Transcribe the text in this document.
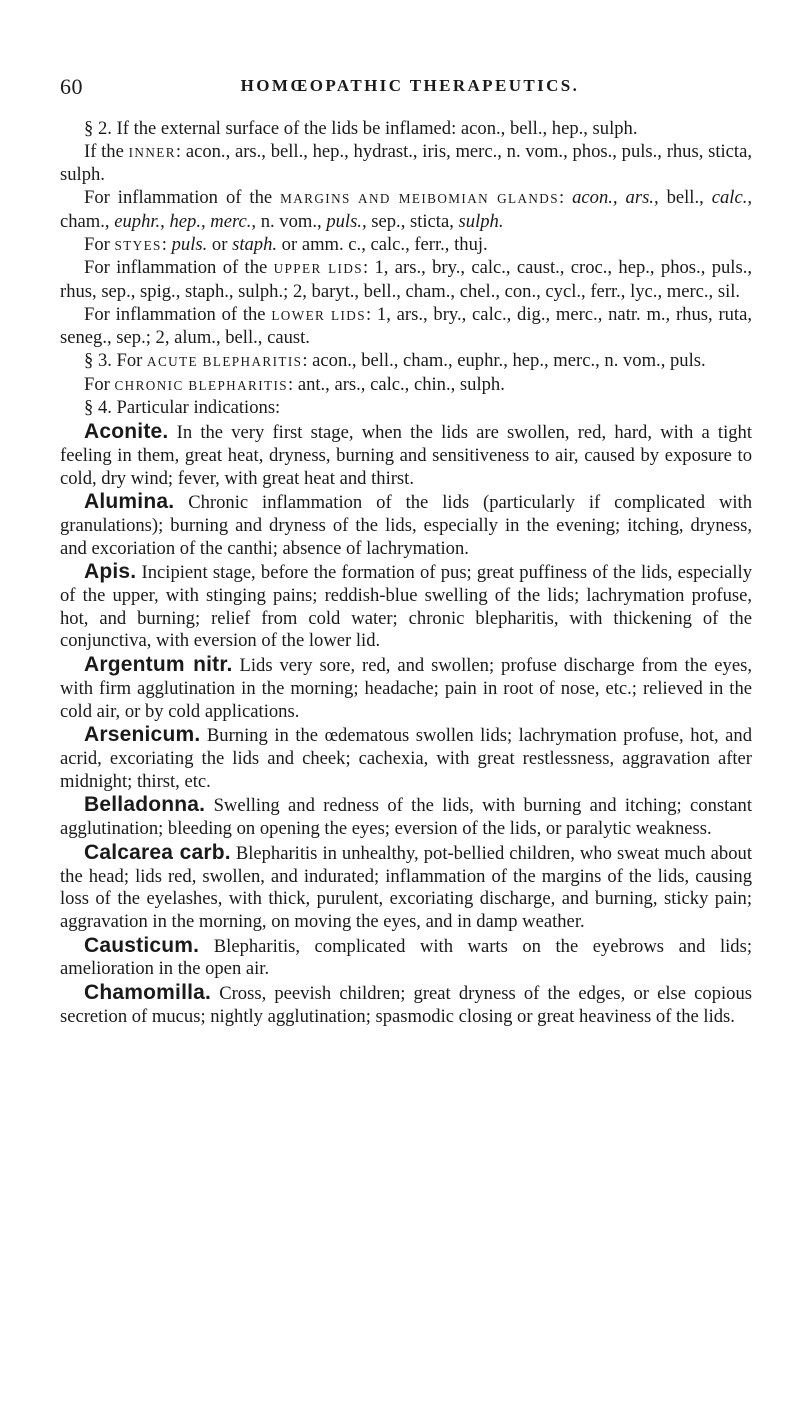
60	HOMŒOPATHIC THERAPEUTICS.

§ 2. If the external surface of the lids be inflamed: acon., bell., hep., sulph.

If the INNER: acon., ars., bell., hep., hydrast., iris, merc., n. vom., phos., puls., rhus, sticta, sulph.

For inflammation of the MARGINS AND MEIBOMIAN GLANDS: acon., ars., bell., calc., cham., euphr., hep., merc., n. vom., puls., sep., sticta, sulph.

For STYES: puls. or staph. or amm. c., calc., ferr., thuj.

For inflammation of the UPPER LIDS: 1, ars., bry., calc., caust., croc., hep., phos., puls., rhus, sep., spig., staph., sulph.; 2, baryt., bell., cham., chel., con., cycl., ferr., lyc., merc., sil.

For inflammation of the LOWER LIDS: 1, ars., bry., calc., dig., merc., natr. m., rhus, ruta, seneg., sep.; 2, alum., bell., caust.

§ 3. For ACUTE BLEPHARITIS: acon., bell., cham., euphr., hep., merc., n. vom., puls.

For CHRONIC BLEPHARITIS: ant., ars., calc., chin., sulph.

§ 4. Particular indications:

Aconite. In the very first stage, when the lids are swollen, red, hard, with a tight feeling in them, great heat, dryness, burning and sensitiveness to air, caused by exposure to cold, dry wind; fever, with great heat and thirst.

Alumina. Chronic inflammation of the lids (particularly if complicated with granulations); burning and dryness of the lids, especially in the evening; itching, dryness, and excoriation of the canthi; absence of lachrymation.

Apis. Incipient stage, before the formation of pus; great puffiness of the lids, especially of the upper, with stinging pains; reddish-blue swelling of the lids; lachrymation profuse, hot, and burning; relief from cold water; chronic blepharitis, with thickening of the conjunctiva, with eversion of the lower lid.

Argentum nitr. Lids very sore, red, and swollen; profuse discharge from the eyes, with firm agglutination in the morning; headache; pain in root of nose, etc.; relieved in the cold air, or by cold applications.

Arsenicum. Burning in the œdematous swollen lids; lachrymation profuse, hot, and acrid, excoriating the lids and cheek; cachexia, with great restlessness, aggravation after midnight; thirst, etc.

Belladonna. Swelling and redness of the lids, with burning and itching; constant agglutination; bleeding on opening the eyes; eversion of the lids, or paralytic weakness.

Calcarea carb. Blepharitis in unhealthy, pot-bellied children, who sweat much about the head; lids red, swollen, and indurated; inflammation of the margins of the lids, causing loss of the eyelashes, with thick, purulent, excoriating discharge, and burning, sticky pain; aggravation in the morning, on moving the eyes, and in damp weather.

Causticum. Blepharitis, complicated with warts on the eyebrows and lids; amelioration in the open air.

Chamomilla. Cross, peevish children; great dryness of the edges, or else copious secretion of mucus; nightly agglutination; spasmodic closing or great heaviness of the lids.
